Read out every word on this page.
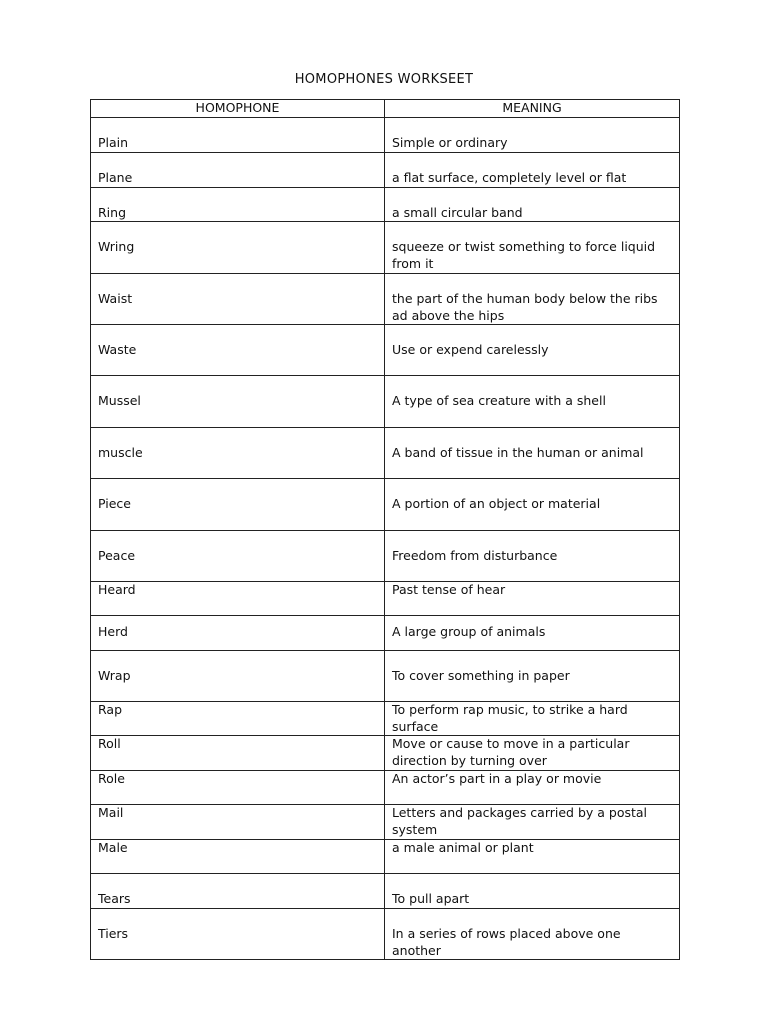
HOMOPHONES WORKSEET
HOMOPHONE	MEANING
Plain	Simple or ordinary
Plane	a flat surface, completely level or flat
Ring	a small circular band
Wring	squeeze or twist something to force liquid from it
Waist	the part of the human body below the ribs ad above the hips
Waste	Use or expend carelessly
Mussel	A type of sea creature with a shell
muscle	A band of tissue in the human or animal
Piece	A portion of an object or material
Peace	Freedom from disturbance
Heard	Past tense of hear
Herd	A large group of animals
Wrap	To cover something in paper
Rap	To perform rap music, to strike a hard surface
Roll	Move or cause to move in a particular direction by turning over
Role	An actor’s part in a play or movie
Mail	Letters and packages carried by a postal system
Male	a male animal or plant
Tears	To pull apart
Tiers	In a series of rows placed above one another
